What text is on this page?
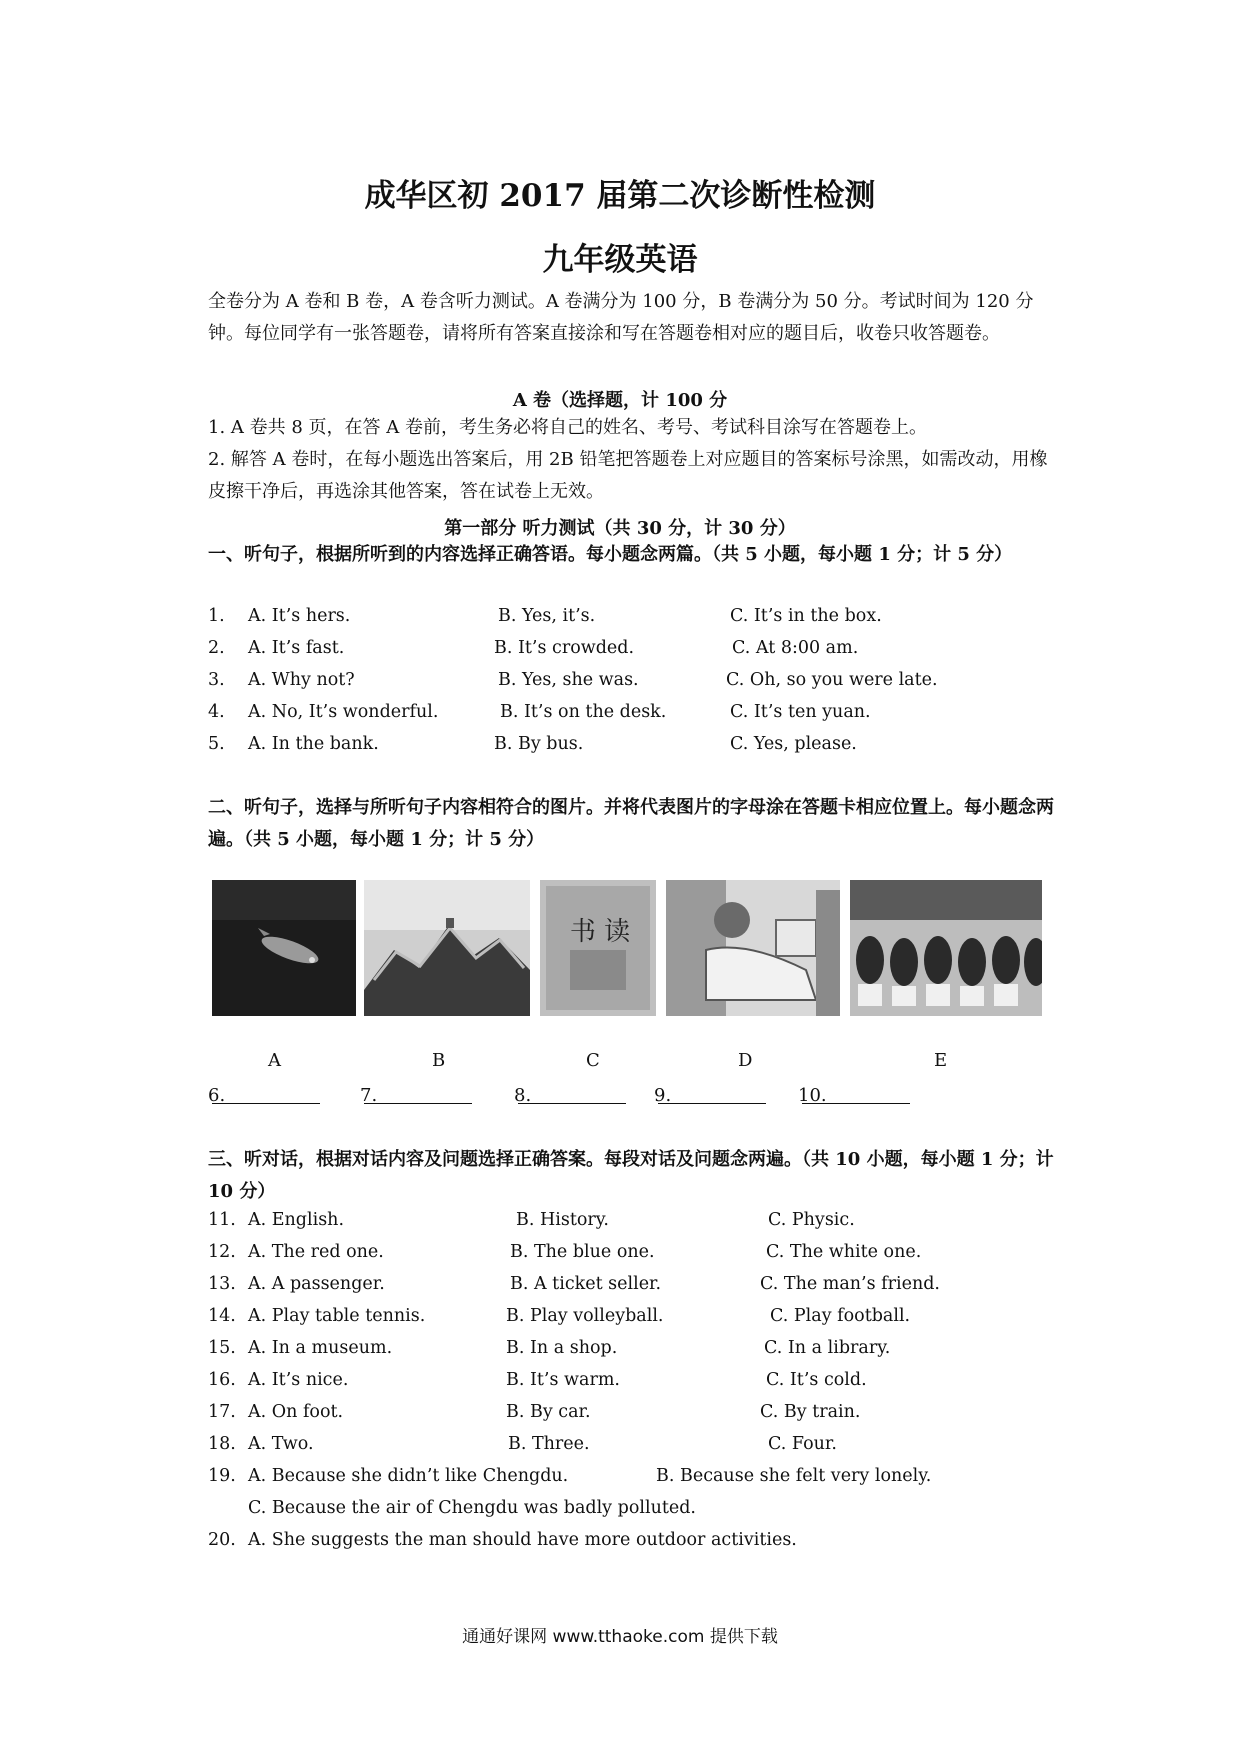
成华区初 2017 届第二次诊断性检测
九年级英语
全卷分为 A 卷和 B 卷，A 卷含听力测试。A 卷满分为 100 分，B 卷满分为 50 分。考试时间为 120 分钟。每位同学有一张答题卷，请将所有答案直接涂和写在答题卷相对应的题目后，收卷只收答题卷。
A 卷（选择题，计 100 分
1. A 卷共 8 页，在答 A 卷前，考生务必将自己的姓名、考号、考试科目涂写在答题卷上。
2. 解答 A 卷时，在每小题选出答案后，用 2B 铅笔把答题卷上对应题目的答案标号涂黑，如需改动，用橡皮擦干净后，再选涂其他答案，答在试卷上无效。
第一部分 听力测试（共 30 分，计 30 分）
一、听句子，根据所听到的内容选择正确答语。每小题念两篇。（共 5 小题，每小题 1 分；计 5 分）
1. A. It’s hers.	B. Yes, it’s.	C. It’s in the box.
2. A. It’s fast.	B. It’s crowded.	C. At 8:00 am.
3. A. Why not?	B. Yes, she was.	C. Oh, so you were late.
4. A. No, It’s wonderful.	B. It’s on the desk.	C. It’s ten yuan.
5. A. In the bank.	B. By bus.	C. Yes, please.
二、听句子，选择与所听句子内容相符合的图片。并将代表图片的字母涂在答题卡相应位置上。每小题念两遍。（共 5 小题，每小题 1 分；计 5 分）
书 读
A	B	C	D	E
6.	7.	8.	9.	10.
三、听对话，根据对话内容及问题选择正确答案。每段对话及问题念两遍。（共 10 小题，每小题 1 分；计 10 分）
11. A. English.	B. History.	C. Physic.
12. A. The red one.	B. The blue one.	C. The white one.
13. A. A passenger.	B. A ticket seller.	C. The man’s friend.
14. A. Play table tennis.	B. Play volleyball.	C. Play football.
15. A. In a museum.	B. In a shop.	C. In a library.
16. A. It’s nice.	B. It’s warm.	C. It’s cold.
17. A. On foot.	B. By car.	C. By train.
18. A. Two.	B. Three.	C. Four.
19. A. Because she didn’t like Chengdu.	B. Because she felt very lonely.
C. Because the air of Chengdu was badly polluted.
20. A. She suggests the man should have more outdoor activities.
通通好课网 www.tthaoke.com 提供下载
